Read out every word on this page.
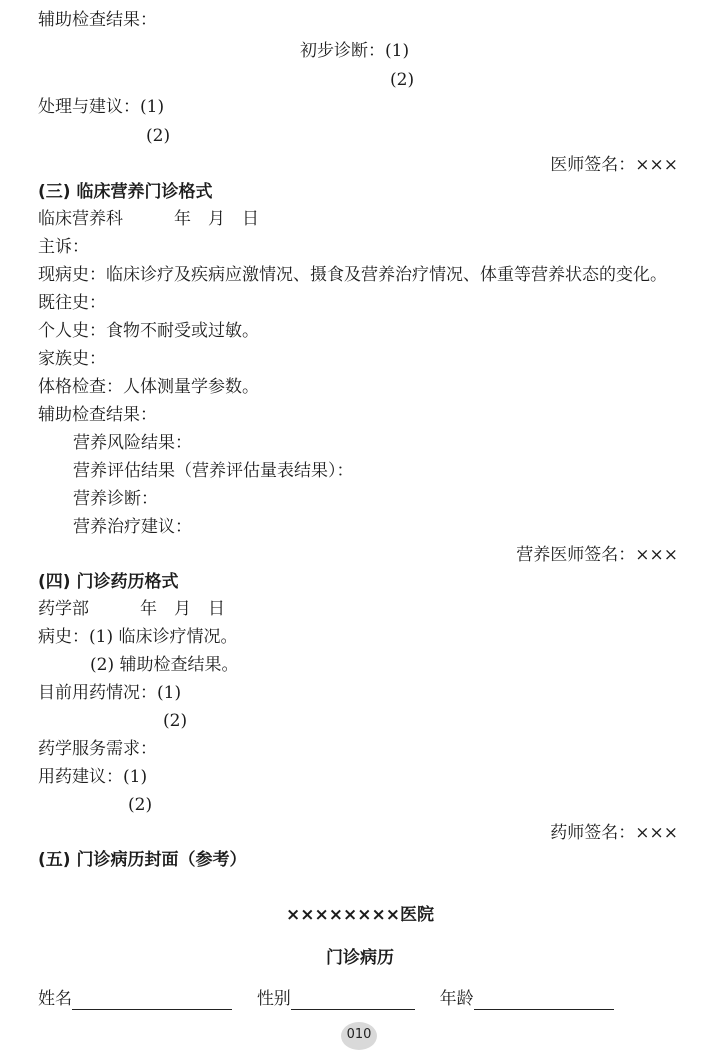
辅助检查结果：
初步诊断：(1)
(2)
处理与建议：(1)
(2)
医师签名：×××
(三) 临床营养门诊格式
临床营养科　　　年　月　日
主诉：
现病史：临床诊疗及疾病应激情况、摄食及营养治疗情况、体重等营养状态的变化。
既往史：
个人史：食物不耐受或过敏。
家族史：
体格检查：人体测量学参数。
辅助检查结果：
营养风险结果：
营养评估结果（营养评估量表结果）：
营养诊断：
营养治疗建议：
营养医师签名：×××
(四) 门诊药历格式
药学部　　　年　月　日
病史：(1) 临床诊疗情况。
(2) 辅助检查结果。
目前用药情况：(1)
(2)
药学服务需求：
用药建议：(1)
(2)
药师签名：×××
(五) 门诊病历封面（参考）
××××××××医院
门诊病历
姓名	性别	年龄
010
